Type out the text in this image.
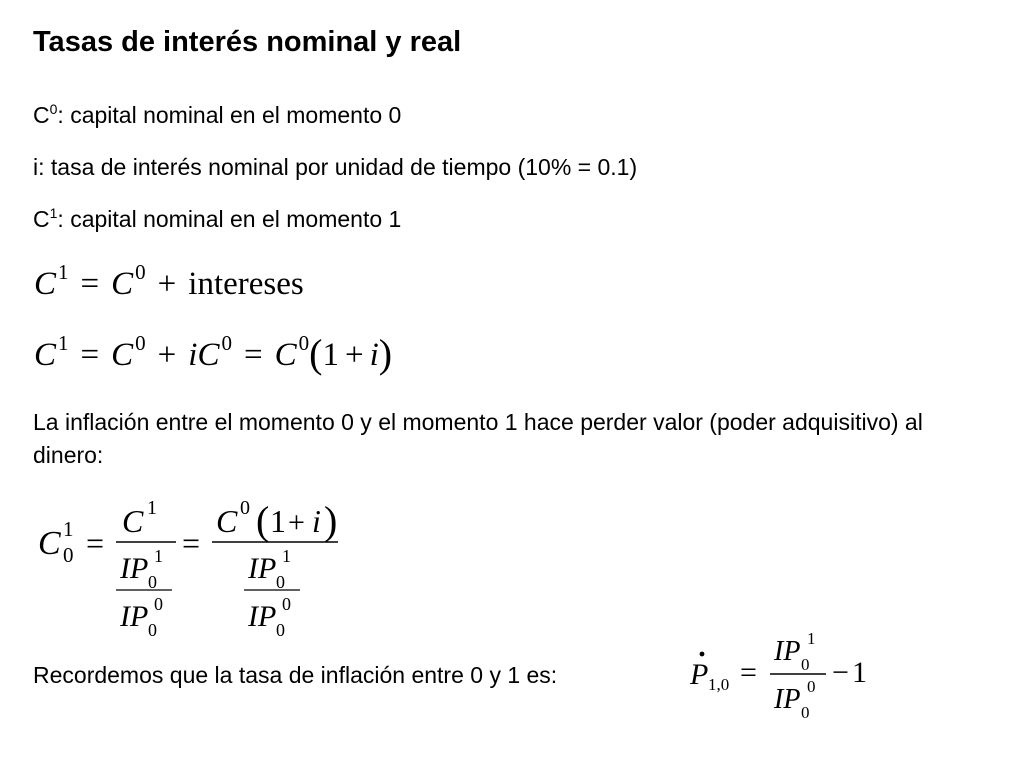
Tasas de interés nominal y real
$C^0$: capital nominal en el momento 0
i: tasa de interés nominal por unidad de tiempo (10% = 0.1)
$C^1$: capital nominal en el momento 1
$C^1 = C^0$ + intereses
$C^1 = C^0 + iC^0 = C^0(1 + i)$
La inflación entre el momento 0 y el momento 1 hace perder valor (poder adquisitivo) al dinero:
C 1
0 =
C 1
IP 1
0
IP 0
0
=
C 0 ( 1 + i )
IP 1
0
IP 0
0
Recordemos que la tasa de inflación entre 0 y 1 es:	P 1,0 =
IP 1
0
IP 0
0
− 1
